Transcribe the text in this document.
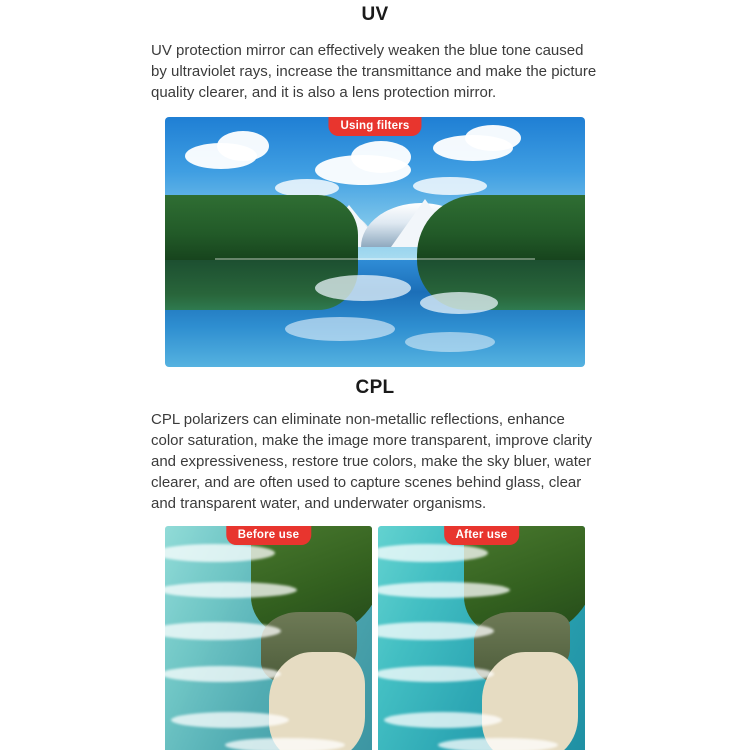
UV

UV protection mirror can effectively weaken the blue tone caused by ultraviolet rays, increase the transmittance and make the picture quality clearer, and it is also a lens protection mirror.

Using filters
CPL

CPL polarizers can eliminate non-metallic reflections, enhance color saturation, make the image more transparent, improve clarity and expressiveness, restore true colors, make the sky bluer, water clearer, and are often used to capture scenes behind glass, clear and transparent water, and underwater organisms.

Before use	After use
